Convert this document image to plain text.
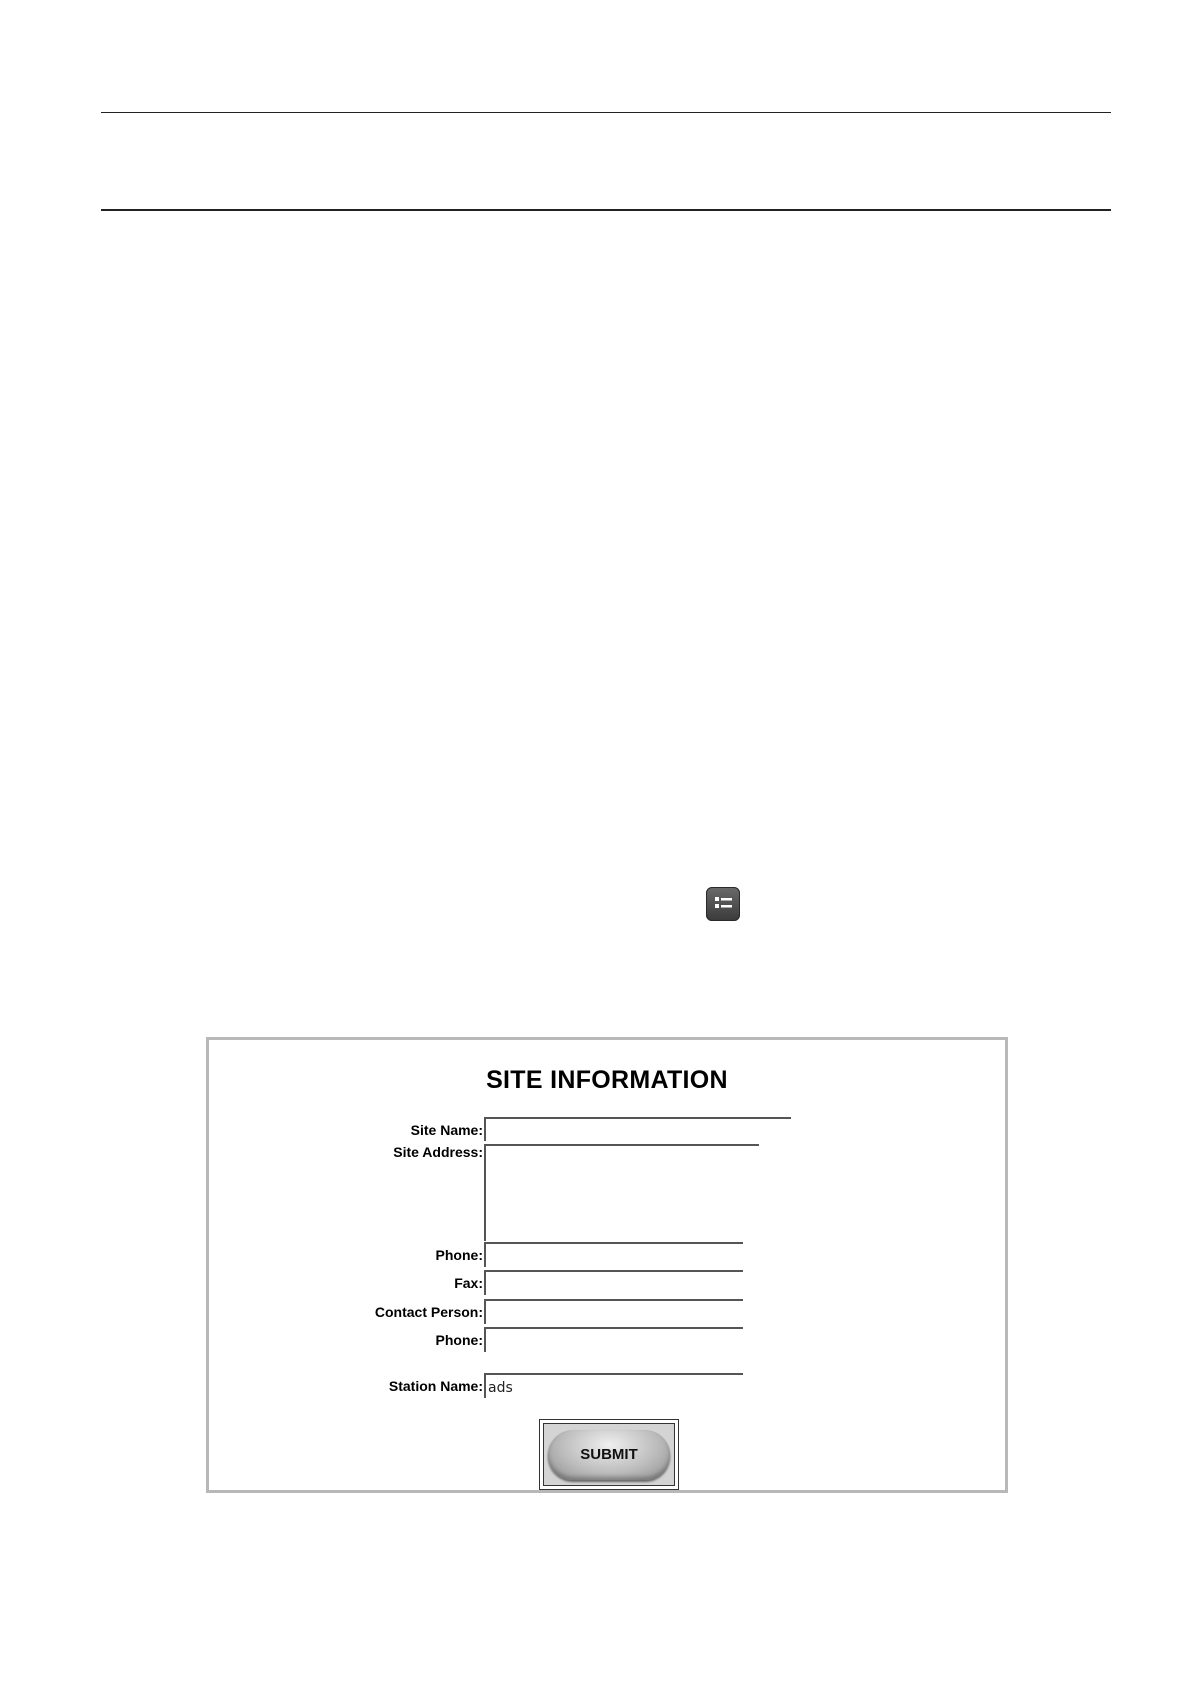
SITE INFORMATION
Site Name:
Site Address:
Phone:
Fax:
Contact Person:
Phone:
Station Name:
ads
SUBMIT
